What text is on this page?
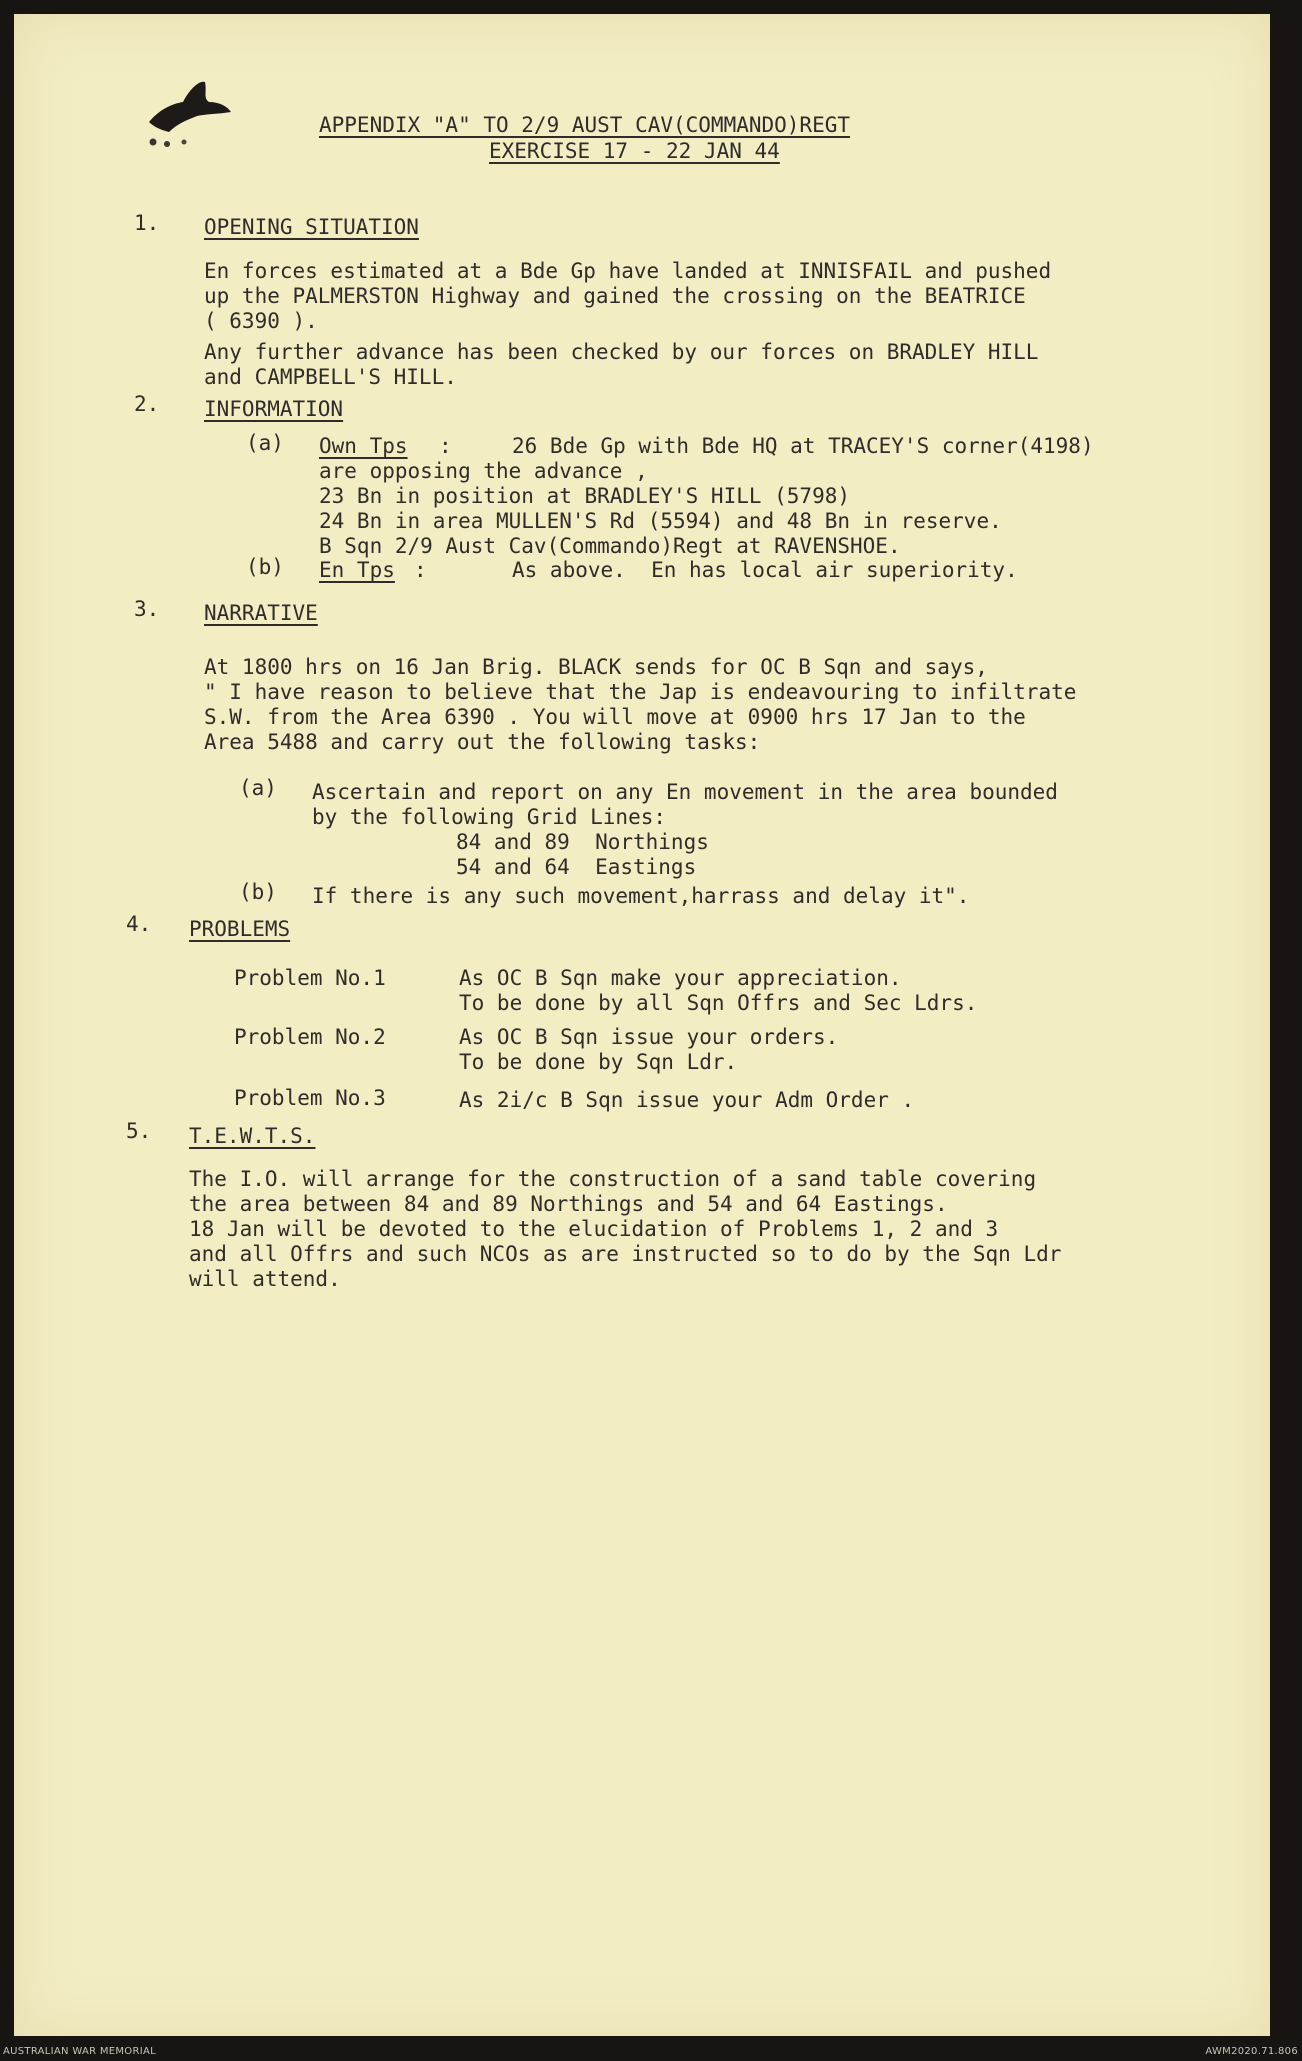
APPENDIX "A" TO 2/9 AUST CAV(COMMANDO)REGT
EXERCISE 17 - 22 JAN 44
1. OPENING SITUATION
En forces estimated at a Bde Gp have landed at INNISFAIL and pushed
up the PALMERSTON Highway and gained the crossing on the BEATRICE
( 6390 ).
Any further advance has been checked by our forces on BRADLEY HILL
and CAMPBELL'S HILL.
2. INFORMATION
(a) Own Tps :	26 Bde Gp with Bde HQ at TRACEY'S corner(4198)
are opposing the advance ,
23 Bn in position at BRADLEY'S HILL (5798)
24 Bn in area MULLEN'S Rd (5594) and 48 Bn in reserve.
B Sqn 2/9 Aust Cav(Commando)Regt at RAVENSHOE.
(b) En Tps :	As above.  En has local air superiority.
3. NARRATIVE
At 1800 hrs on 16 Jan Brig. BLACK sends for OC B Sqn and says,
" I have reason to believe that the Jap is endeavouring to infiltrate
S.W. from the Area 6390 . You will move at 0900 hrs 17 Jan to the
Area 5488 and carry out the following tasks:
(a) Ascertain and report on any En movement in the area bounded
by the following Grid Lines:
84 and 89  Northings
54 and 64  Eastings
(b) If there is any such movement,harrass and delay it".
4. PROBLEMS
Problem No.1	As OC B Sqn make your appreciation.
To be done by all Sqn Offrs and Sec Ldrs.
Problem No.2	As OC B Sqn issue your orders.
To be done by Sqn Ldr.
Problem No.3	As 2i/c B Sqn issue your Adm Order .
5. T.E.W.T.S.
The I.O. will arrange for the construction of a sand table covering
the area between 84 and 89 Northings and 54 and 64 Eastings.
18 Jan will be devoted to the elucidation of Problems 1, 2 and 3
and all Offrs and such NCOs as are instructed so to do by the Sqn Ldr
will attend.
AUSTRALIAN WAR MEMORIAL	AWM2020.71.806
